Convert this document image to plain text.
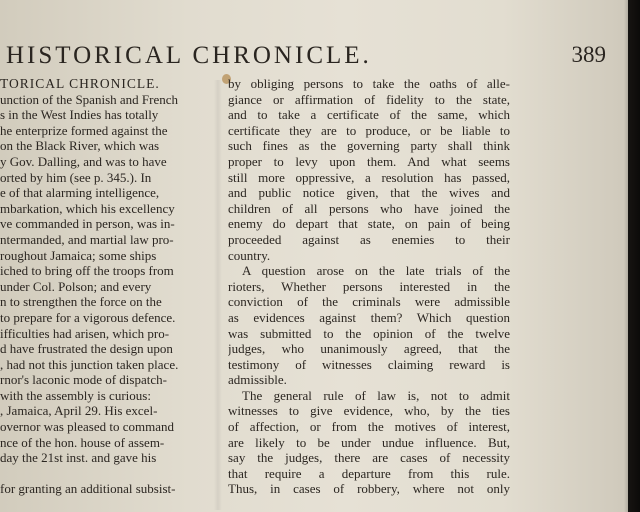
HISTORICAL CHRONICLE.	389
TORICAL CHRONICLE.
unction of the Spanish and French
s in the West Indies has totally
he enterprize formed against the
on the Black River, which was
y Gov. Dalling, and was to have
orted by him (see p. 345.). In
e of that alarming intelligence,
mbarkation, which his excellency
ve commanded in person, was in-
ntermanded, and martial law pro-
roughout Jamaica; some ships
iched to bring off the troops from
under Col. Polson; and every
n to strengthen the force on the
to prepare for a vigorous defence.
ifficulties had arisen, which pro-
d have frustrated the design upon
, had not this junction taken place.
rnor's laconic mode of dispatch-
with the assembly is curious:
, Jamaica, April 29. His excel-
overnor was pleased to command
nce of the hon. house of assem-
day the 21st inst. and gave his

for granting an additional subsist-
by obliging persons to take the oaths of alle-
giance or affirmation of fidelity to the state,
and to take a certificate of the same, which
certificate they are to produce, or be liable to
such fines as the governing party shall think
proper to levy upon them. And what seems
still more oppressive, a resolution has passed,
and public notice given, that the wives and
children of all persons who have joined the
enemy do depart that state, on pain of being
proceeded against as enemies to their
country.
A question arose on the late trials of the
rioters, Whether persons interested in the
conviction of the criminals were admissible
as evidences against them? Which question
was submitted to the opinion of the twelve
judges, who unanimously agreed, that the
testimony of witnesses claiming reward is
admissible.
The general rule of law is, not to admit
witnesses to give evidence, who, by the ties
of affection, or from the motives of interest,
are likely to be under undue influence. But,
say the judges, there are cases of necessity
that require a departure from this rule.
Thus, in cases of robbery, where not only
